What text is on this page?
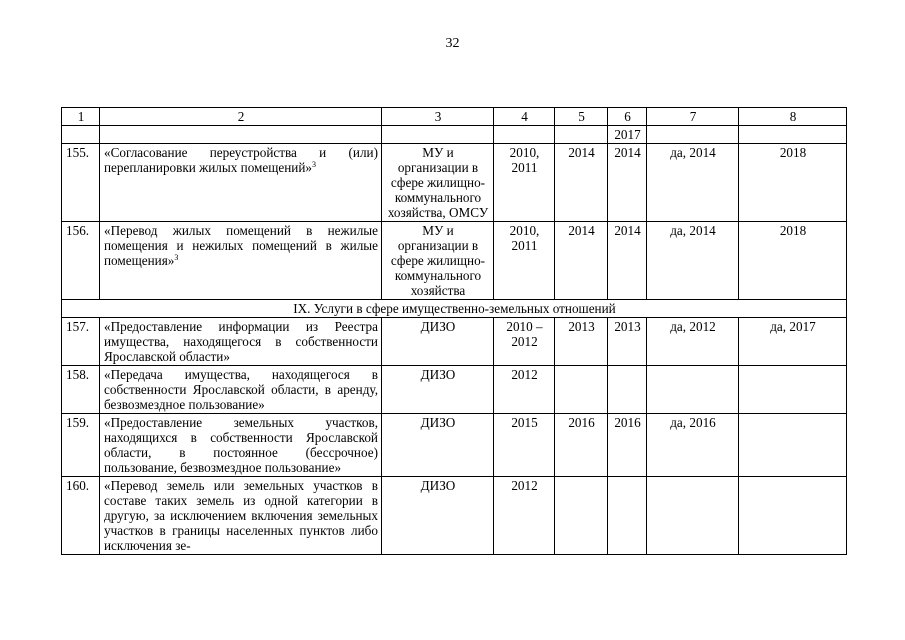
32
1	2	3	4	5	6	7	8
					2017		
155.	«Согласование переустройства и (или) перепланировки жилых помещений»$^3$	МУ и организации в сфере жилищно-коммунального хозяйства, ОМСУ	2010, 2011	2014	2014	да, 2014	2018
156.	«Перевод жилых помещений в нежилые помещения и нежилых помещений в жилые помещения»$^3$	МУ и организации в сфере жилищно-коммунального хозяйства	2010, 2011	2014	2014	да, 2014	2018
IX. Услуги в сфере имущественно-земельных отношений							
157.	«Предоставление информации из Реестра имущества, находящегося в собственности Ярославской области»	ДИЗО	2010 – 2012	2013	2013	да, 2012	да, 2017
158.	«Передача имущества, находящегося в собственности Ярославской области, в аренду, безвозмездное пользование»	ДИЗО	2012				
159.	«Предоставление земельных участков, находящихся в собственности Ярославской области, в постоянное (бессрочное) пользование, безвозмездное пользование»	ДИЗО	2015	2016	2016	да, 2016	
160.	«Перевод земель или земельных участков в составе таких земель из одной категории в другую, за исключением включения земельных участков в границы населенных пунктов либо исключения зе-	ДИЗО	2012				
